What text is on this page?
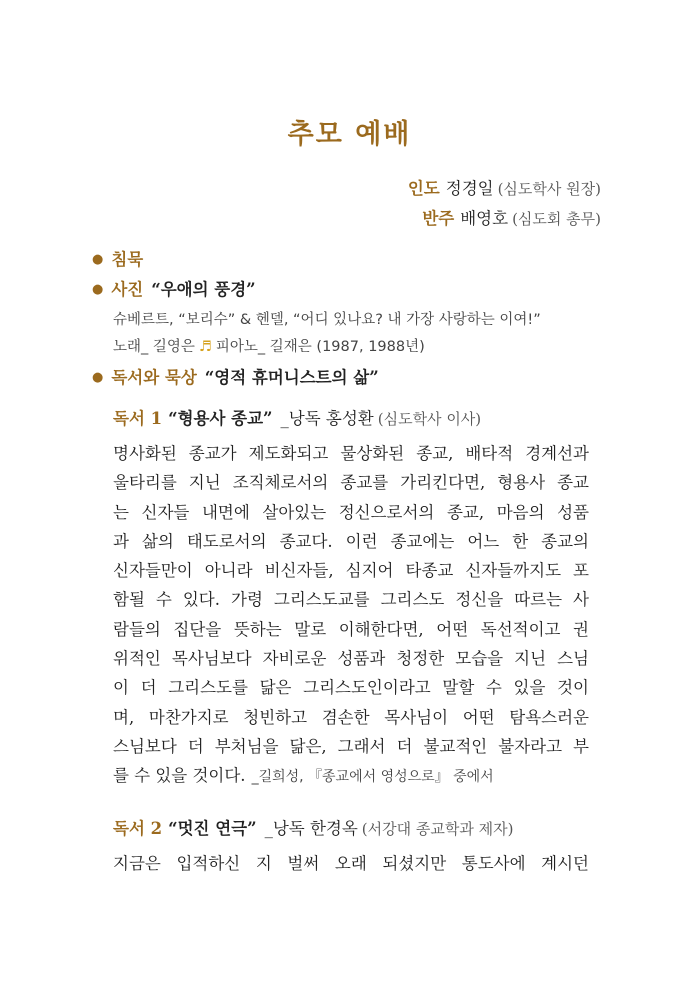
추모 예배
인도 정경일 (심도학사 원장)
반주 배영호 (심도회 총무)
● 침묵
● 사진 “우애의 풍경”
슈베르트, “보리수” & 헨델, “어디 있나요? 내 가장 사랑하는 이여!”
노래_ 길영은 ♬ 피아노_ 길재은 (1987, 1988년)
● 독서와 묵상 “영적 휴머니스트의 삶”
독서 1 “형용사 종교” _낭독 홍성환 (심도학사 이사)
명사화된 종교가 제도화되고 물상화된 종교, 배타적 경계선과
울타리를 지닌 조직체로서의 종교를 가리킨다면, 형용사 종교
는 신자들 내면에 살아있는 정신으로서의 종교, 마음의 성품
과 삶의 태도로서의 종교다. 이런 종교에는 어느 한 종교의
신자들만이 아니라 비신자들, 심지어 타종교 신자들까지도 포
함될 수 있다. 가령 그리스도교를 그리스도 정신을 따르는 사
람들의 집단을 뜻하는 말로 이해한다면, 어떤 독선적이고 권
위적인 목사님보다 자비로운 성품과 청정한 모습을 지닌 스님
이 더 그리스도를 닮은 그리스도인이라고 말할 수 있을 것이
며, 마찬가지로 청빈하고 겸손한 목사님이 어떤 탐욕스러운
스님보다 더 부처님을 닮은, 그래서 더 불교적인 불자라고 부
를 수 있을 것이다. _길희성, 『종교에서 영성으로』 중에서
독서 2 “멋진 연극” _낭독 한경옥 (서강대 종교학과 제자)
지금은 입적하신 지 벌써 오래 되셨지만 통도사에 계시던
